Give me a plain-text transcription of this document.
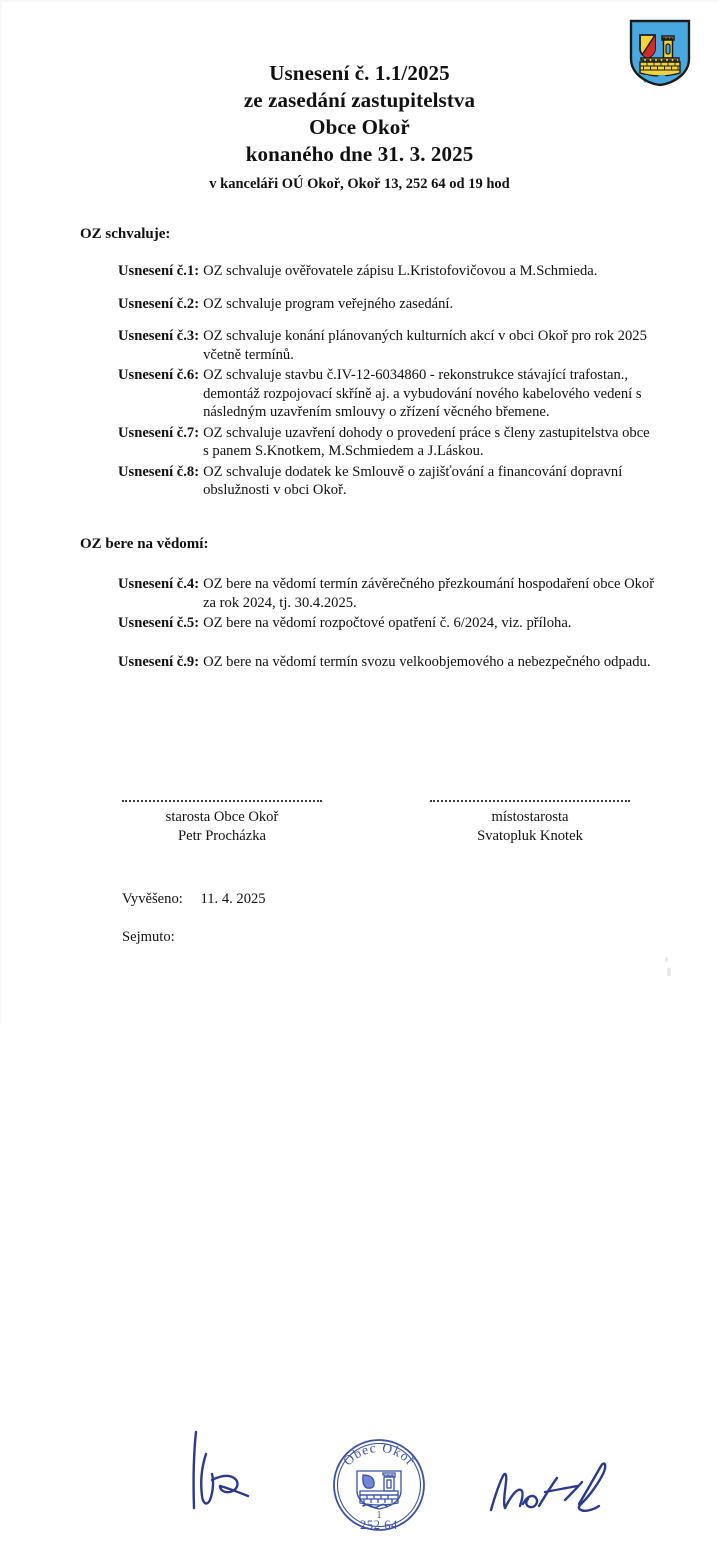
Usnesení č. 1.1/2025
ze zasedání zastupitelstva
Obce Okoř
konaného dne 31. 3. 2025
v kanceláři OÚ Okoř, Okoř 13, 252 64 od 19 hod
OZ schvaluje:
Usnesení č.1: OZ schvaluje ověřovatele zápisu L.Kristofovičovou a M.Schmieda.
Usnesení č.2: OZ schvaluje program veřejného zasedání.
Usnesení č.3: OZ schvaluje konání plánovaných kulturních akcí v obci Okoř pro rok 2025 včetně termínů.
Usnesení č.6: OZ schvaluje stavbu č.IV-12-6034860 - rekonstrukce stávající trafostan., demontáž rozpojovací skříně aj. a vybudování nového kabelového vedení s následným uzavřením smlouvy o zřízení věcného břemene.
Usnesení č.7: OZ schvaluje uzavření dohody o provedení práce s členy zastupitelstva obce s panem S.Knotkem, M.Schmiedem a J.Láskou.
Usnesení č.8: OZ schvaluje dodatek ke Smlouvě o zajišťování a financování dopravní obslužnosti v obci Okoř.
OZ bere na vědomí:
Usnesení č.4: OZ bere na vědomí termín závěrečného přezkoumání hospodaření obce Okoř za rok 2024, tj. 30.4.2025.
Usnesení č.5: OZ bere na vědomí rozpočtové opatření č. 6/2024, viz. příloha.
Usnesení č.9: OZ bere na vědomí termín svozu velkoobjemového a nebezpečného odpadu.
Obec Okoř
1
252 64
starosta Obce Okoř
Petr Procházka
místostarosta
Svatopluk Knotek
Vyvěšeno: 11. 4. 2025
Sejmuto:
